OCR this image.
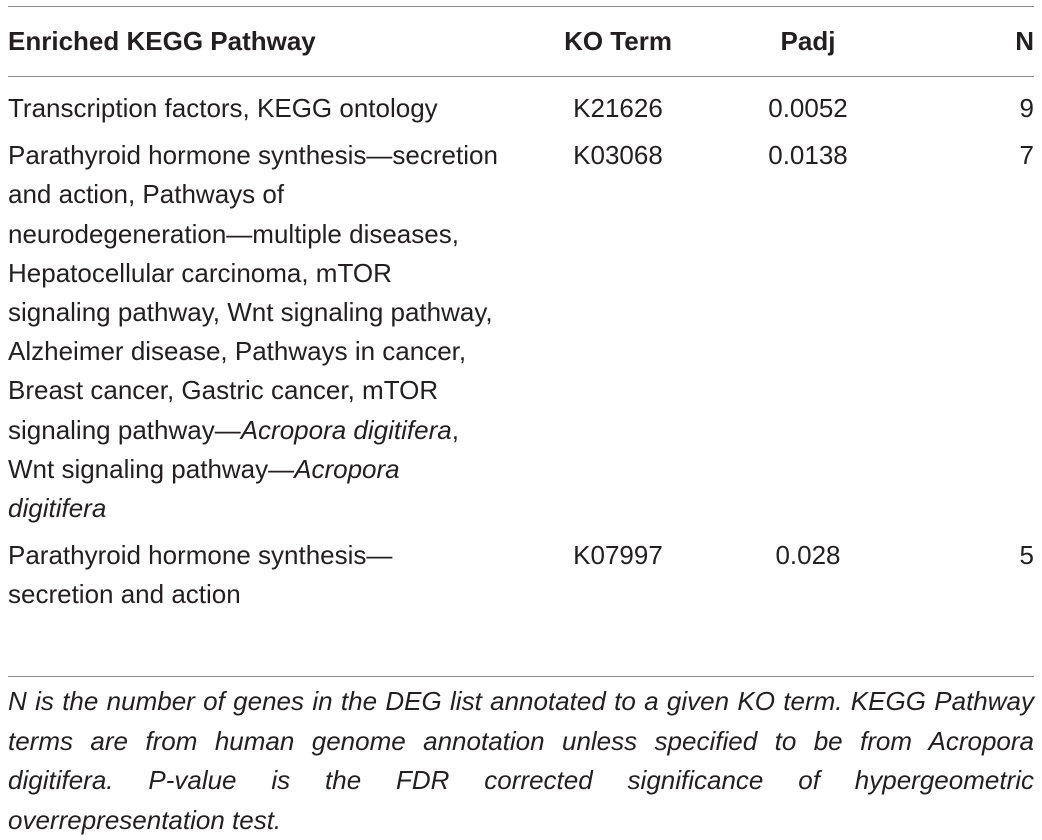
Enriched KEGG Pathway	KO Term	Padj	N
Transcription factors, KEGG ontology	K21626	0.0052	9
Parathyroid hormone synthesis—secretion and action, Pathways of neurodegeneration—multiple diseases, Hepatocellular carcinoma, mTOR signaling pathway, Wnt signaling pathway, Alzheimer disease, Pathways in cancer, Breast cancer, Gastric cancer, mTOR signaling pathway—Acropora digitifera, Wnt signaling pathway—Acropora digitifera	K03068	0.0138	7
Parathyroid hormone synthesis—secretion and action	K07997	0.028	5
N is the number of genes in the DEG list annotated to a given KO term. KEGG Pathway terms are from human genome annotation unless specified to be from Acropora digitifera. P-value is the FDR corrected significance of hypergeometric overrepresentation test.
